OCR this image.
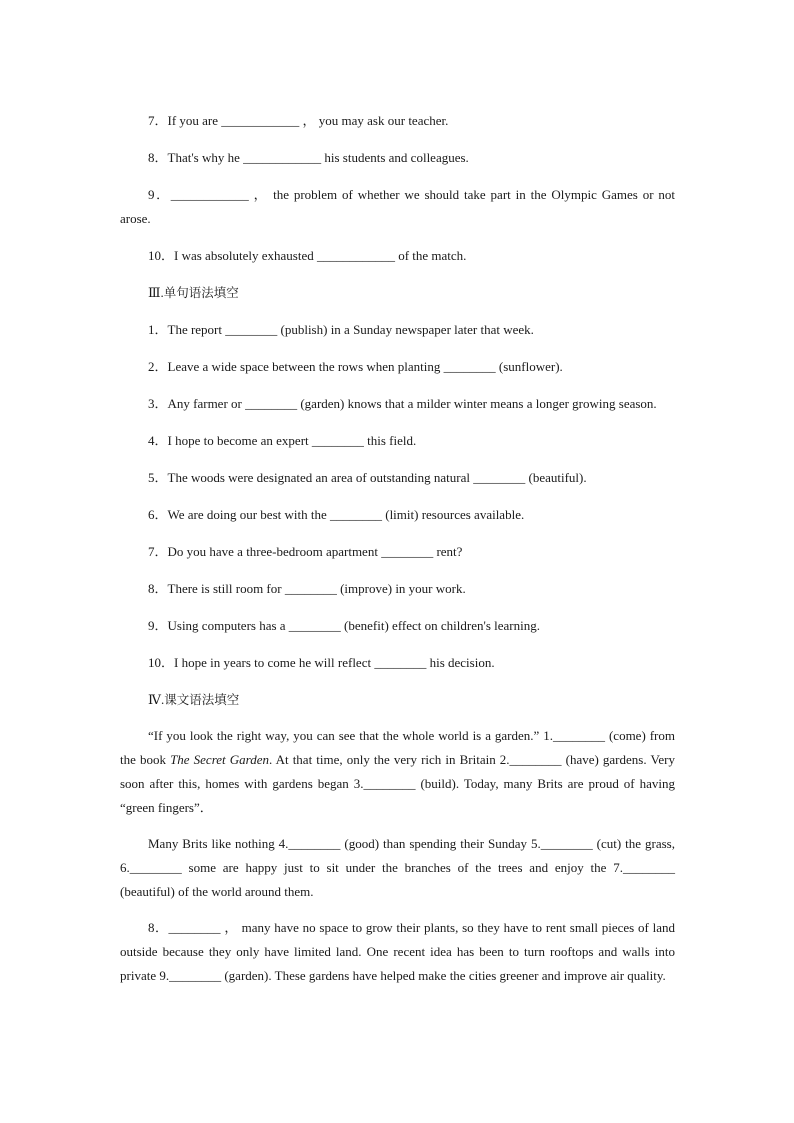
7．If you are ____________ ， you may ask our teacher.
8．That's why he ____________ his students and colleagues.
9．____________ ， the problem of whether we should take part in the Olympic Games or not arose.
10．I was absolutely exhausted ____________ of the match.
Ⅲ.单句语法填空
1．The report ________ (publish) in a Sunday newspaper later that week.
2．Leave a wide space between the rows when planting ________ (sunflower).
3．Any farmer or ________ (garden) knows that a milder winter means a longer growing season.
4．I hope to become an expert ________ this field.
5．The woods were designated an area of outstanding natural ________ (beautiful).
6．We are doing our best with the ________ (limit) resources available.
7．Do you have a three-bedroom apartment ________ rent?
8．There is still room for ________ (improve) in your work.
9．Using computers has a ________ (benefit) effect on children's learning.
10．I hope in years to come he will reflect ________ his decision.
Ⅳ.课文语法填空
“If you look the right way, you can see that the whole world is a garden.” 1.________ (come) from the book The Secret Garden. At that time, only the very rich in Britain 2.________ (have) gardens. Very soon after this, homes with gardens began 3.________ (build). Today, many Brits are proud of having “green fingers”．
Many Brits like nothing 4.________ (good) than spending their Sunday 5.________ (cut) the grass, 6.________ some are happy just to sit under the branches of the trees and enjoy the 7.________ (beautiful) of the world around them.
8．________ ， many have no space to grow their plants, so they have to rent small pieces of land outside because they only have limited land. One recent idea has been to turn rooftops and walls into private 9.________ (garden). These gardens have helped make the cities greener and improve air quality.
